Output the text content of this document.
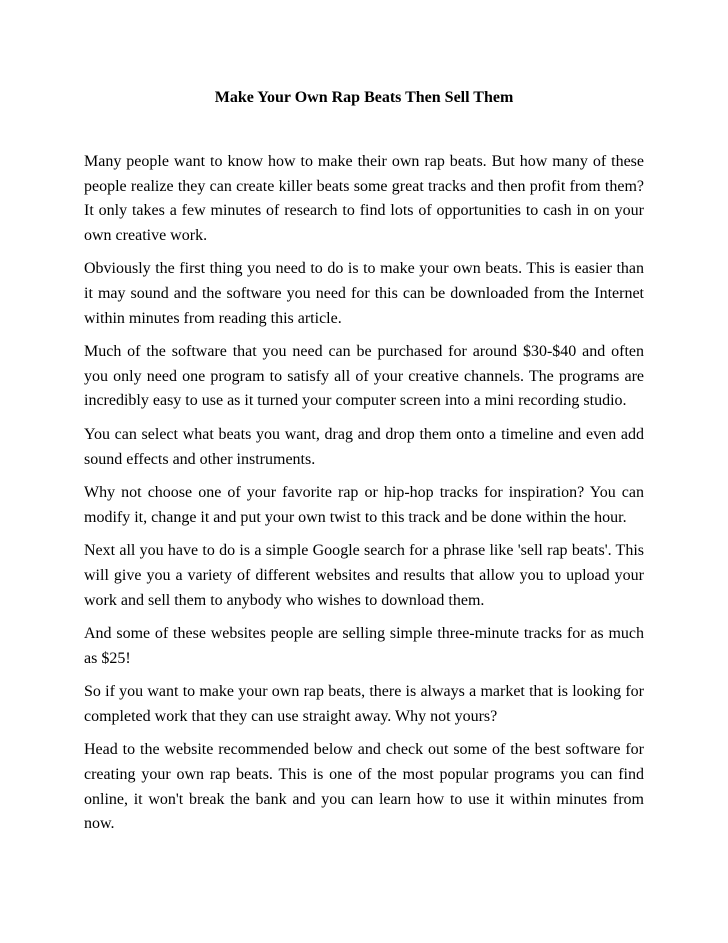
Make Your Own Rap Beats Then Sell Them

Many people want to know how to make their own rap beats. But how many of these people realize they can create killer beats some great tracks and then profit from them? It only takes a few minutes of research to find lots of opportunities to cash in on your own creative work.

Obviously the first thing you need to do is to make your own beats. This is easier than it may sound and the software you need for this can be downloaded from the Internet within minutes from reading this article.

Much of the software that you need can be purchased for around $30-$40 and often you only need one program to satisfy all of your creative channels. The programs are incredibly easy to use as it turned your computer screen into a mini recording studio.

You can select what beats you want, drag and drop them onto a timeline and even add sound effects and other instruments.

Why not choose one of your favorite rap or hip-hop tracks for inspiration? You can modify it, change it and put your own twist to this track and be done within the hour.

Next all you have to do is a simple Google search for a phrase like 'sell rap beats'. This will give you a variety of different websites and results that allow you to upload your work and sell them to anybody who wishes to download them.

And some of these websites people are selling simple three-minute tracks for as much as $25!

So if you want to make your own rap beats, there is always a market that is looking for completed work that they can use straight away. Why not yours?

Head to the website recommended below and check out some of the best software for creating your own rap beats. This is one of the most popular programs you can find online, it won't break the bank and you can learn how to use it within minutes from now.
